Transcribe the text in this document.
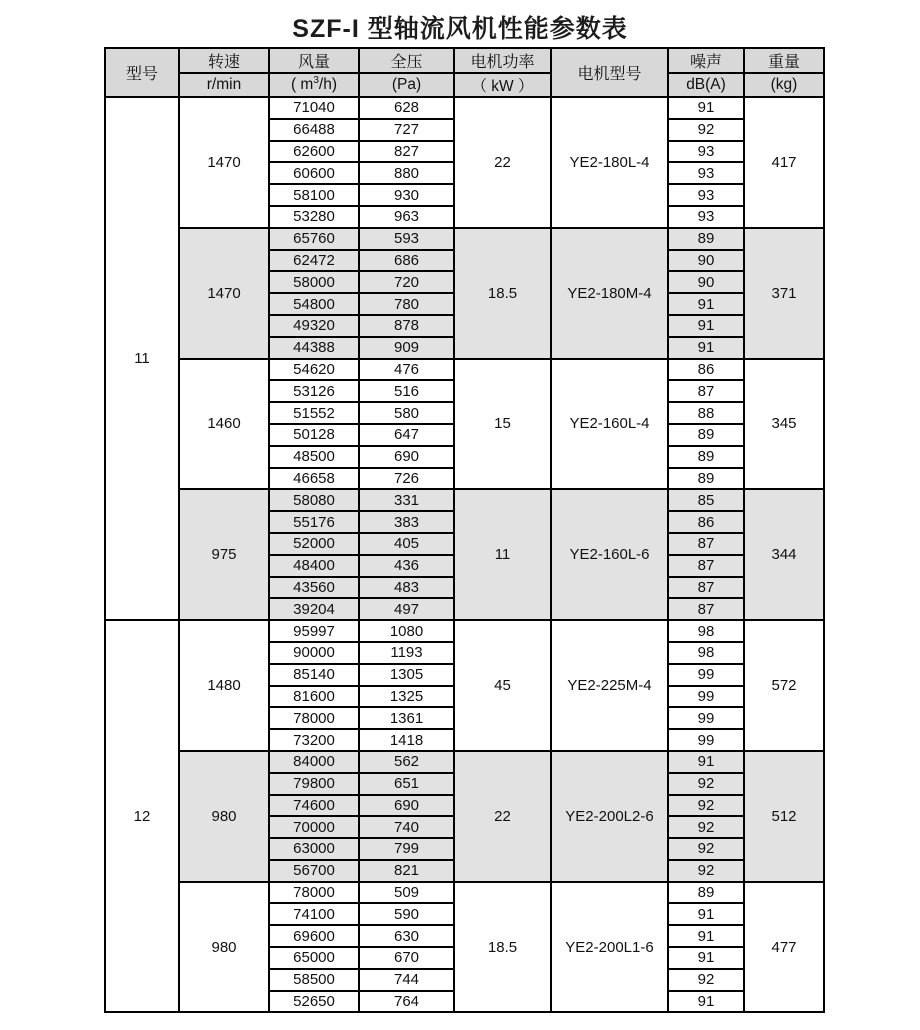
SZF-I 型轴流风机性能参数表
型号	转速	风量	全压	电机功率	电机型号	噪声	重量
	r/min	( $m^3/h$)	(Pa)	（ kW ）		dB(A)	(kg)
11	1470	71040	628	22	YE2-180L-4	91	417
		66488	727			92	
		62600	827			93	
		60600	880			93	
		58100	930			93	
		53280	963			93	
	1470	65760	593	18.5	YE2-180M-4	89	371
		62472	686			90	
		58000	720			90	
		54800	780			91	
		49320	878			91	
		44388	909			91	
	1460	54620	476	15	YE2-160L-4	86	345
		53126	516			87	
		51552	580			88	
		50128	647			89	
		48500	690			89	
		46658	726			89	
	975	58080	331	11	YE2-160L-6	85	344
		55176	383			86	
		52000	405			87	
		48400	436			87	
		43560	483			87	
		39204	497			87	
12	1480	95997	1080	45	YE2-225M-4	98	572
		90000	1193			98	
		85140	1305			99	
		81600	1325			99	
		78000	1361			99	
		73200	1418			99	
	980	84000	562	22	YE2-200L2-6	91	512
		79800	651			92	
		74600	690			92	
		70000	740			92	
		63000	799			92	
		56700	821			92	
	980	78000	509	18.5	YE2-200L1-6	89	477
		74100	590			91	
		69600	630			91	
		65000	670			91	
		58500	744			92	
		52650	764			91	
